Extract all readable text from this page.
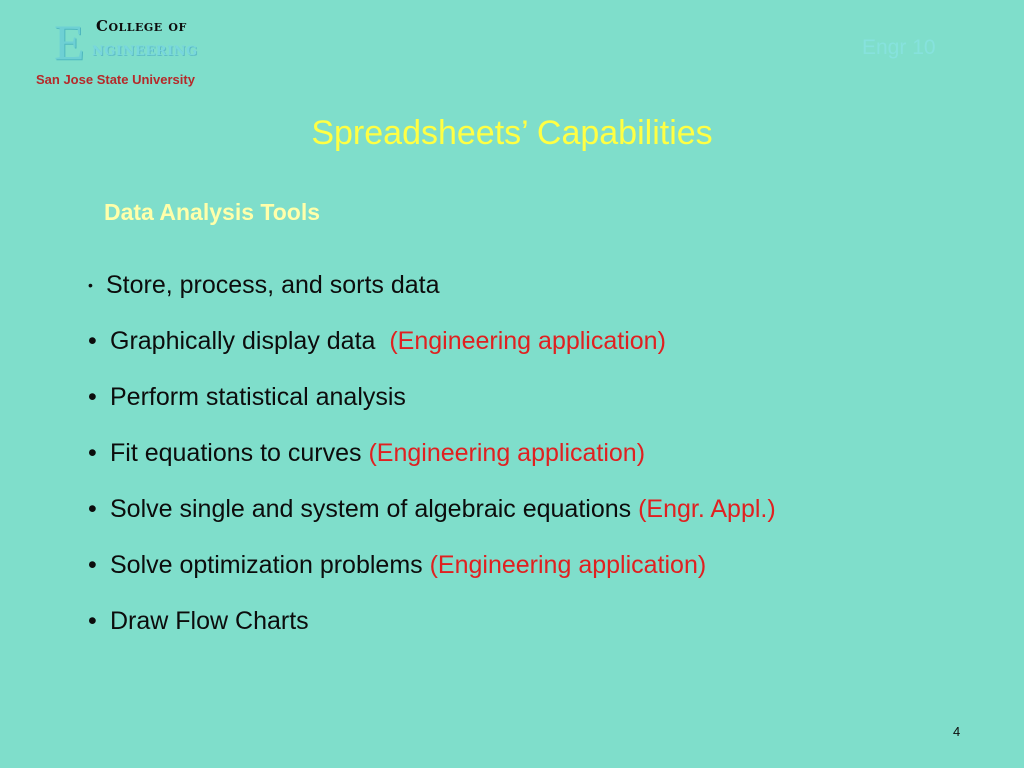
E College of
ngineering
San Jose State University
Engr 10
Spreadsheets’ Capabilities
Data Analysis Tools
• Store, process, and sorts data
• Graphically display data (Engineering application)
• Perform statistical analysis
• Fit equations to curves (Engineering application)
• Solve single and system of algebraic equations (Engr. Appl.)
• Solve optimization problems (Engineering application)
• Draw Flow Charts
4
